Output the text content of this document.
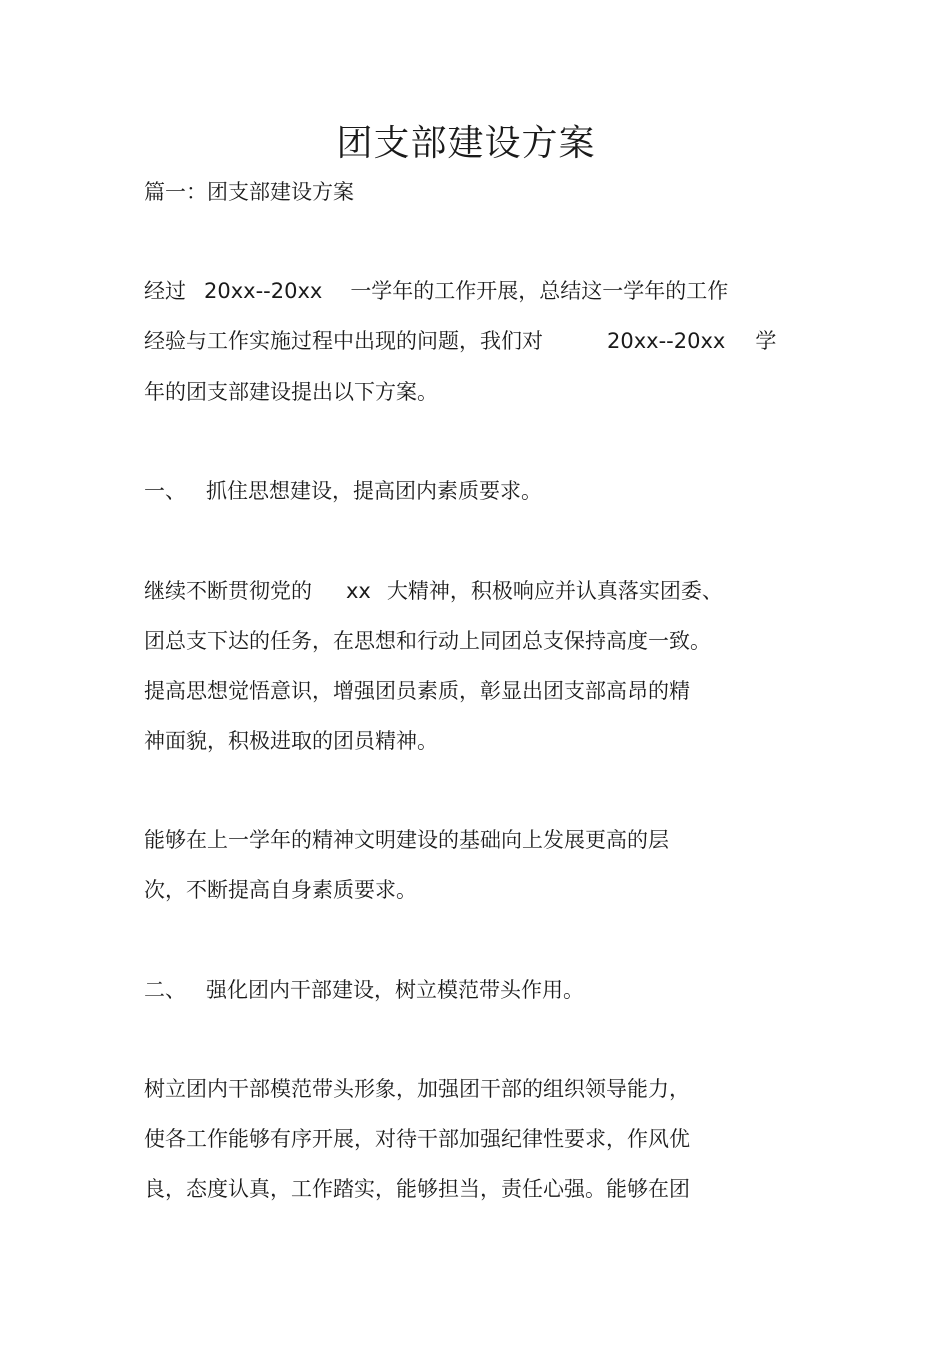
团支部建设方案

篇一：团支部建设方案

经过 20xx--20xx 一学年的工作开展，总结这一学年的工作

经验与工作实施过程中出现的问题，我们对	20xx--20xx 学

年的团支部建设提出以下方案。

一、 抓住思想建设，提高团内素质要求。

继续不断贯彻党的 xx 大精神，积极响应并认真落实团委、

团总支下达的任务，在思想和行动上同团总支保持高度一致。

提高思想觉悟意识，增强团员素质，彰显出团支部高昂的精

神面貌，积极进取的团员精神。

能够在上一学年的精神文明建设的基础向上发展更高的层

次，不断提高自身素质要求。

二、 强化团内干部建设，树立模范带头作用。

树立团内干部模范带头形象，加强团干部的组织领导能力，

使各工作能够有序开展，对待干部加强纪律性要求，作风优

良，态度认真，工作踏实，能够担当，责任心强。能够在团
